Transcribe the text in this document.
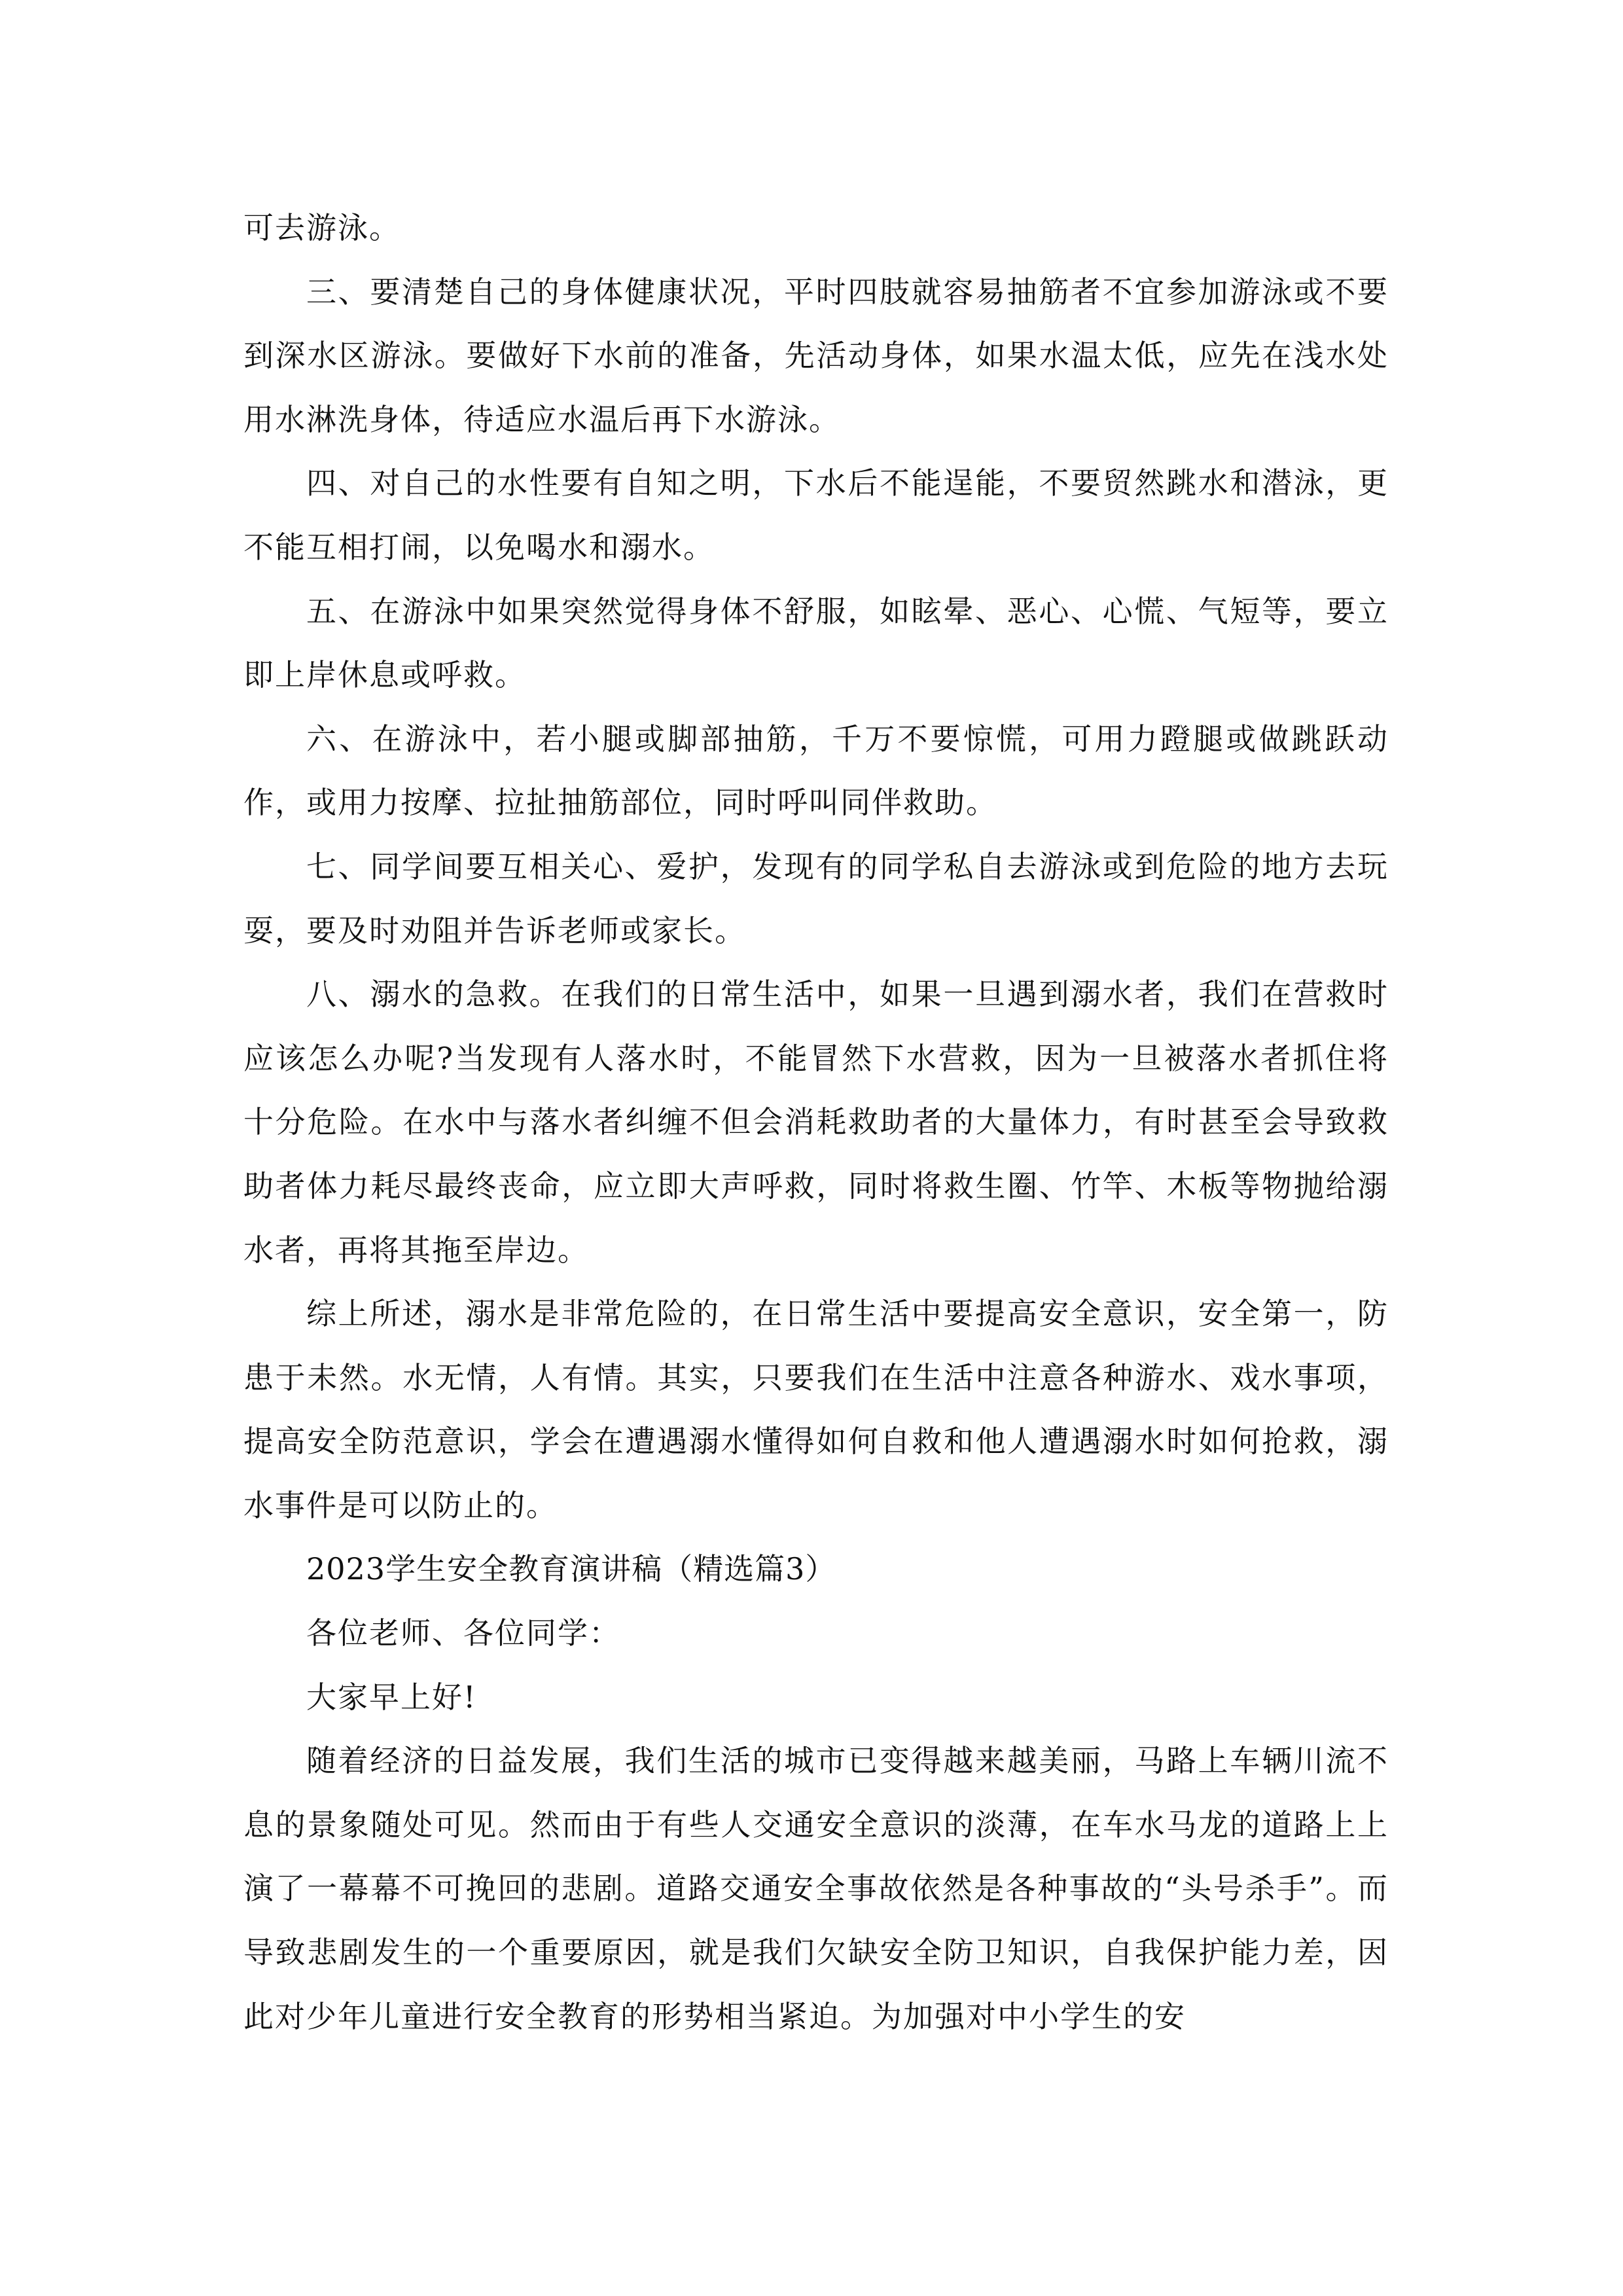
可去游泳。

三、要清楚自己的身体健康状况，平时四肢就容易抽筋者不宜参加游泳或不要到深水区游泳。要做好下水前的准备，先活动身体，如果水温太低，应先在浅水处用水淋洗身体，待适应水温后再下水游泳。

四、对自己的水性要有自知之明，下水后不能逞能，不要贸然跳水和潜泳，更不能互相打闹，以免喝水和溺水。

五、在游泳中如果突然觉得身体不舒服，如眩晕、恶心、心慌、气短等，要立即上岸休息或呼救。

六、在游泳中，若小腿或脚部抽筋，千万不要惊慌，可用力蹬腿或做跳跃动作，或用力按摩、拉扯抽筋部位，同时呼叫同伴救助。

七、同学间要互相关心、爱护，发现有的同学私自去游泳或到危险的地方去玩耍，要及时劝阻并告诉老师或家长。

八、溺水的急救。在我们的日常生活中，如果一旦遇到溺水者，我们在营救时应该怎么办呢?当发现有人落水时，不能冒然下水营救，因为一旦被落水者抓住将十分危险。在水中与落水者纠缠不但会消耗救助者的大量体力，有时甚至会导致救助者体力耗尽最终丧命，应立即大声呼救，同时将救生圈、竹竿、木板等物抛给溺水者，再将其拖至岸边。

综上所述，溺水是非常危险的，在日常生活中要提高安全意识，安全第一，防患于未然。水无情，人有情。其实，只要我们在生活中注意各种游水、戏水事项，提高安全防范意识，学会在遭遇溺水懂得如何自救和他人遭遇溺水时如何抢救，溺水事件是可以防止的。

2023学生安全教育演讲稿（精选篇3）

各位老师、各位同学：

大家早上好!

随着经济的日益发展，我们生活的城市已变得越来越美丽，马路上车辆川流不息的景象随处可见。然而由于有些人交通安全意识的淡薄，在车水马龙的道路上上演了一幕幕不可挽回的悲剧。道路交通安全事故依然是各种事故的“头号杀手”。而导致悲剧发生的一个重要原因，就是我们欠缺安全防卫知识，自我保护能力差，因此对少年儿童进行安全教育的形势相当紧迫。为加强对中小学生的安
